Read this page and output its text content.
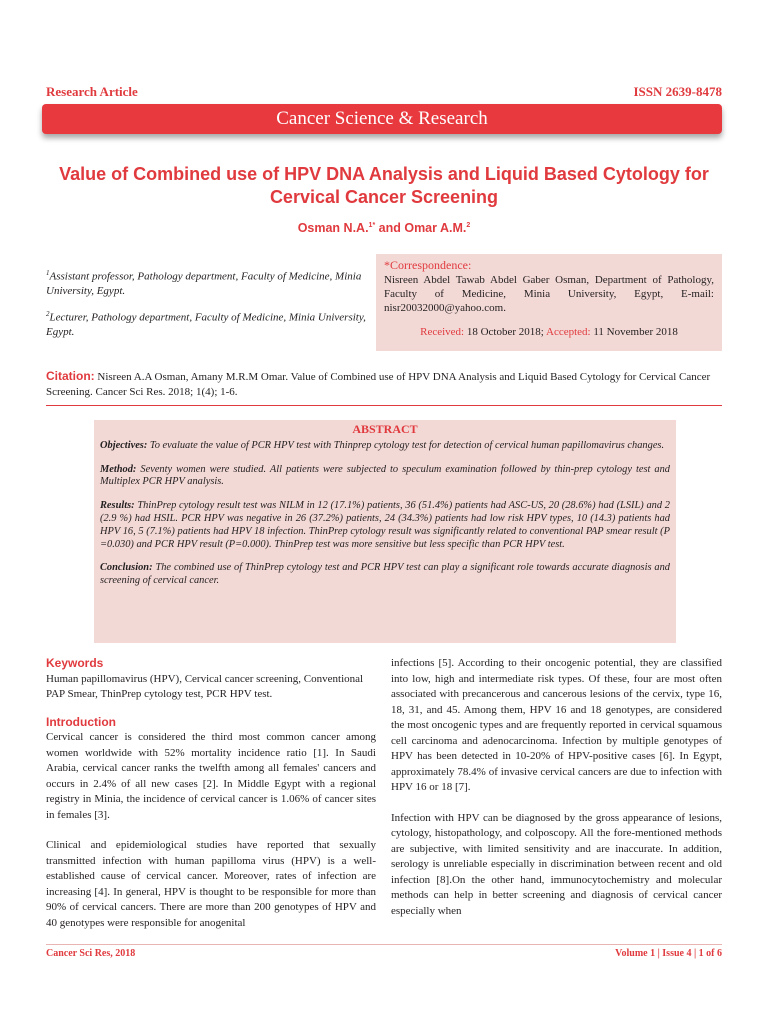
Research Article	ISSN 2639-8478
Cancer Science & Research
Value of Combined use of HPV DNA Analysis and Liquid Based Cytology for Cervical Cancer Screening
Osman N.A.$^{1*}$ and Omar A.M.$^2$
$^1$Assistant professor, Pathology department, Faculty of Medicine, Minia University, Egypt.
$^2$Lecturer, Pathology department, Faculty of Medicine, Minia University, Egypt.
*Correspondence:
Nisreen Abdel Tawab Abdel Gaber Osman, Department of Pathology, Faculty of Medicine, Minia University, Egypt, E-mail: nisr20032000@yahoo.com.
Received: 18 October 2018; Accepted: 11 November 2018
Citation: Nisreen A.A Osman, Amany M.R.M Omar. Value of Combined use of HPV DNA Analysis and Liquid Based Cytology for Cervical Cancer Screening. Cancer Sci Res. 2018; 1(4); 1-6.
ABSTRACT

Objectives: To evaluate the value of PCR HPV test with Thinprep cytology test for detection of cervical human papillomavirus changes.

Method: Seventy women were studied. All patients were subjected to speculum examination followed by thin-prep cytology test and Multiplex PCR HPV analysis.

Results: ThinPrep cytology result test was NILM in 12 (17.1%) patients, 36 (51.4%) patients had ASC-US, 20 (28.6%) had (LSIL) and 2 (2.9 %) had HSIL. PCR HPV was negative in 26 (37.2%) patients, 24 (34.3%) patients had low risk HPV types, 10 (14.3) patients had HPV 16, 5 (7.1%) patients had HPV 18 infection. ThinPrep cytology result was significantly related to conventional PAP smear result (P =0.030) and PCR HPV result (P=0.000). ThinPrep test was more sensitive but less specific than PCR HPV test.

Conclusion: The combined use of ThinPrep cytology test and PCR HPV test can play a significant role towards accurate diagnosis and screening of cervical cancer.

Keywords

Human papillomavirus (HPV), Cervical cancer screening, Conventional PAP Smear, ThinPrep cytology test, PCR HPV test.

Introduction

Cervical cancer is considered the third most common cancer among women worldwide with 52% mortality incidence ratio [1]. In Saudi Arabia, cervical cancer ranks the twelfth among all females' cancers and occurs in 2.4% of all new cases [2]. In Middle Egypt with a regional registry in Minia, the incidence of cervical cancer is 1.06% of cancer sites in females [3].

Clinical and epidemiological studies have reported that sexually transmitted infection with human papilloma virus (HPV) is a well-established cause of cervical cancer. Moreover, rates of infection are increasing [4]. In general, HPV is thought to be responsible for more than 90% of cervical cancers. There are more than 200 genotypes of HPV and 40 genotypes were responsible for anogenital

infections [5]. According to their oncogenic potential, they are classified into low, high and intermediate risk types. Of these, four are most often associated with precancerous and cancerous lesions of the cervix, type 16, 18, 31, and 45. Among them, HPV 16 and 18 genotypes, are considered the most oncogenic types and are frequently reported in cervical squamous cell carcinoma and adenocarcinoma. Infection by multiple genotypes of HPV has been detected in 10-20% of HPV-positive cases [6]. In Egypt, approximately 78.4% of invasive cervical cancers are due to infection with HPV 16 or 18 [7].

Infection with HPV can be diagnosed by the gross appearance of lesions, cytology, histopathology, and colposcopy. All the fore-mentioned methods are subjective, with limited sensitivity and are inaccurate. In addition, serology is unreliable especially in discrimination between recent and old infection [8].On the other hand, immunocytochemistry and molecular methods can help in better screening and diagnosis of cervical cancer especially when

Cancer Sci Res, 2018	Volume 1 | Issue 4 | 1 of 6
